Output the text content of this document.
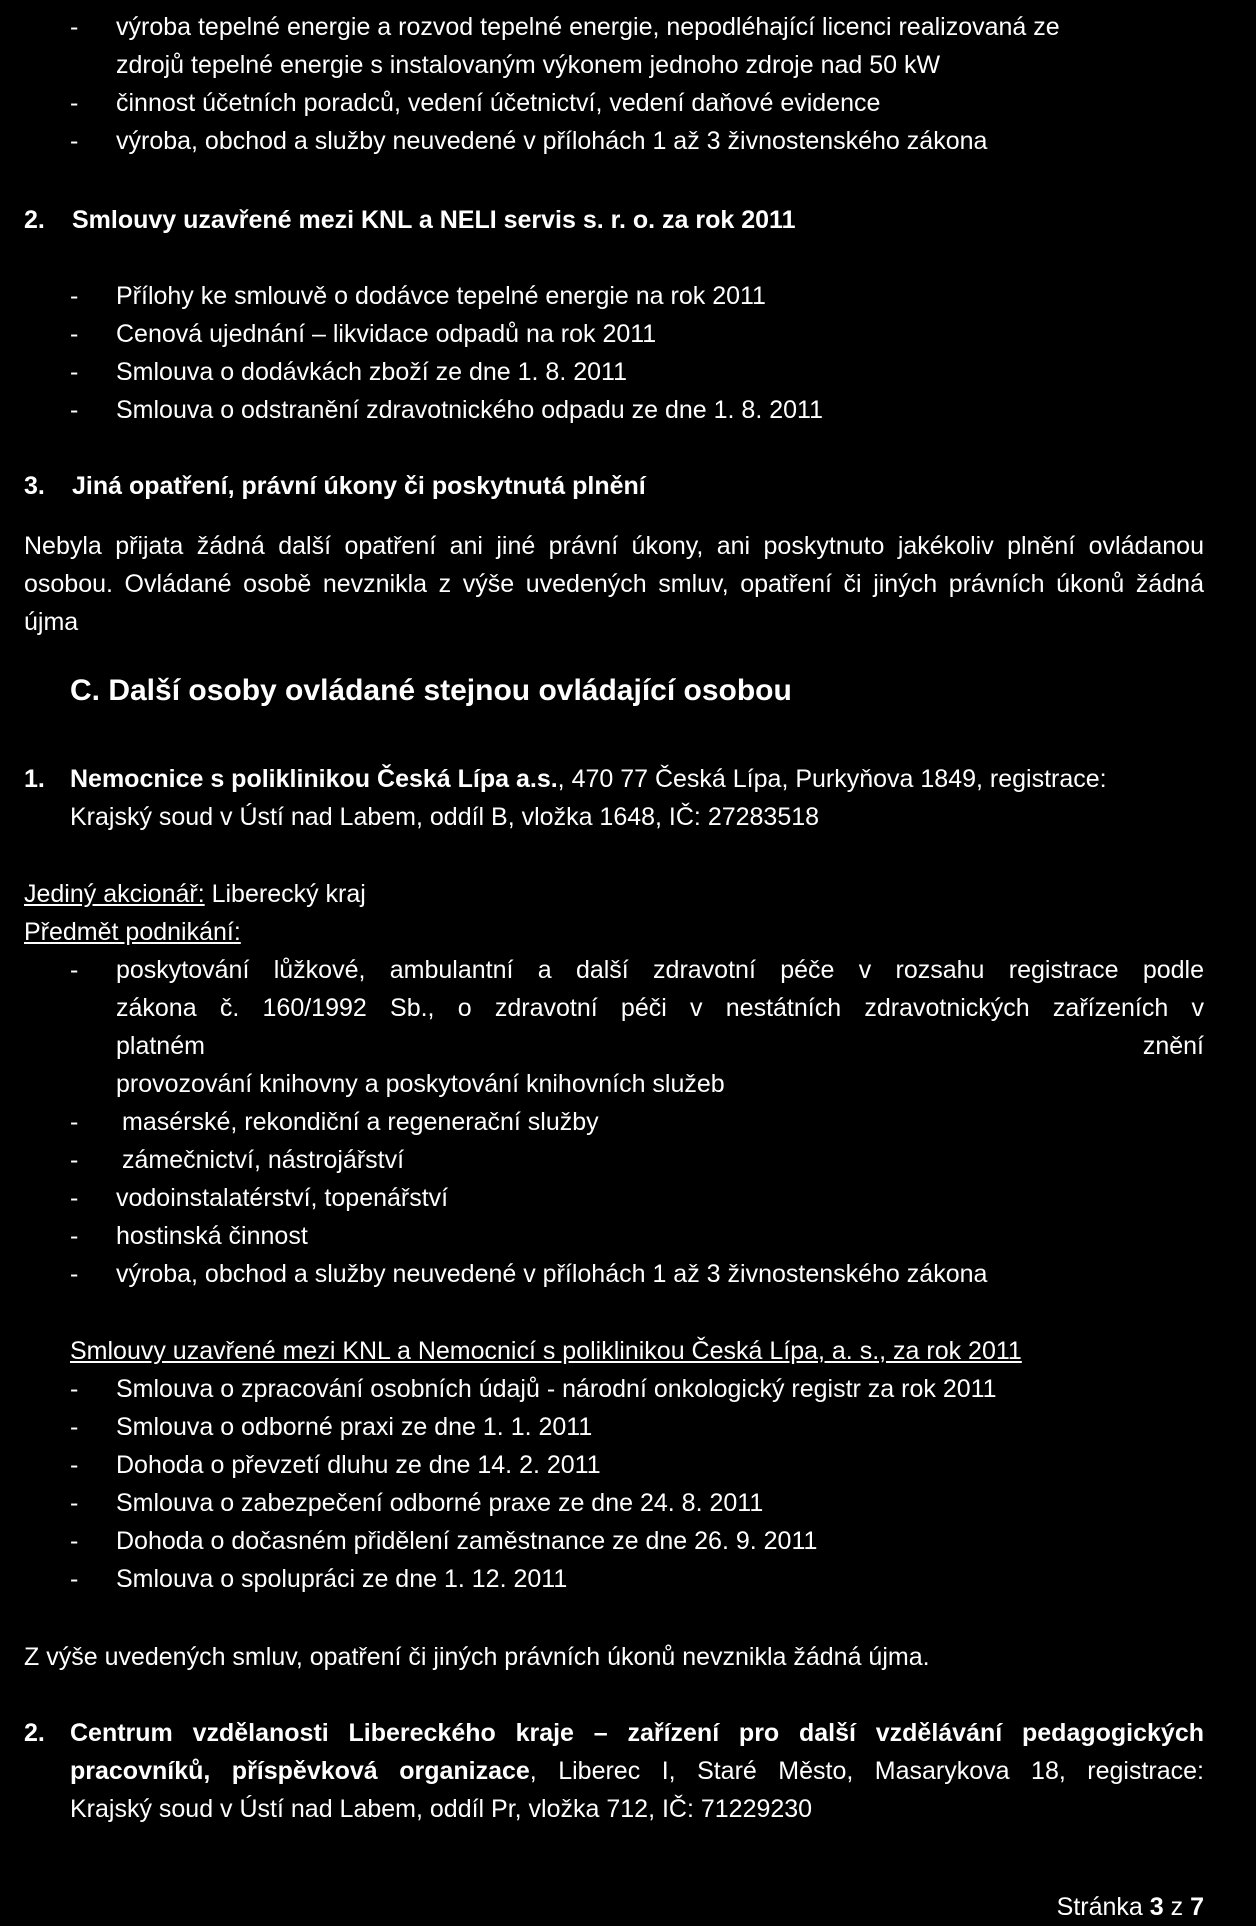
- výroba tepelné energie a rozvod tepelné energie, nepodléhající licenci realizovaná ze
zdrojů tepelné energie s instalovaným výkonem jednoho zdroje nad 50 kW
- činnost účetních poradců, vedení účetnictví, vedení daňové evidence
- výroba, obchod a služby neuvedené v přílohách 1 až 3 živnostenského zákona
2. Smlouvy uzavřené mezi KNL a NELI servis s. r. o. za rok 2011
- Přílohy ke smlouvě o dodávce tepelné energie na rok 2011
- Cenová ujednání – likvidace odpadů na rok 2011
- Smlouva o dodávkách zboží ze dne 1. 8. 2011
- Smlouva o odstranění zdravotnického odpadu ze dne 1. 8. 2011
3. Jiná opatření, právní úkony či poskytnutá plnění
Nebyla přijata žádná další opatření ani jiné právní úkony, ani poskytnuto jakékoliv plnění ovládanou osobou. Ovládané osobě nevznikla z výše uvedených smluv, opatření či jiných právních úkonů žádná újma
C. Další osoby ovládané stejnou ovládající osobou
1. Nemocnice s poliklinikou Česká Lípa a.s., 470 77 Česká Lípa, Purkyňova 1849, registrace:
Krajský soud v Ústí nad Labem, oddíl B, vložka 1648, IČ: 27283518
Jediný akcionář: Liberecký kraj
Předmět podnikání:
- poskytování lůžkové, ambulantní a další zdravotní péče v rozsahu registrace podle
zákona č. 160/1992 Sb., o zdravotní péči v nestátních zdravotnických zařízeních v
platném	znění
provozování knihovny a poskytování knihovních služeb
- masérské, rekondiční a regenerační služby
- zámečnictví, nástrojářství
- vodoinstalatérství, topenářství
- hostinská činnost
- výroba, obchod a služby neuvedené v přílohách 1 až 3 živnostenského zákona
Smlouvy uzavřené mezi KNL a Nemocnicí s poliklinikou Česká Lípa, a. s., za rok 2011
- Smlouva o zpracování osobních údajů - národní onkologický registr za rok 2011
- Smlouva o odborné praxi ze dne 1. 1. 2011
- Dohoda o převzetí dluhu ze dne 14. 2. 2011
- Smlouva o zabezpečení odborné praxe ze dne 24. 8. 2011
- Dohoda o dočasném přidělení zaměstnance ze dne 26. 9. 2011
- Smlouva o spolupráci ze dne 1. 12. 2011
Z výše uvedených smluv, opatření či jiných právních úkonů nevznikla žádná újma.
2. Centrum vzdělanosti Libereckého kraje – zařízení pro další vzdělávání pedagogických
pracovníků, příspěvková organizace, Liberec I, Staré Město, Masarykova 18, registrace:
Krajský soud v Ústí nad Labem, oddíl Pr, vložka 712, IČ: 71229230
Stránka 3 z 7
